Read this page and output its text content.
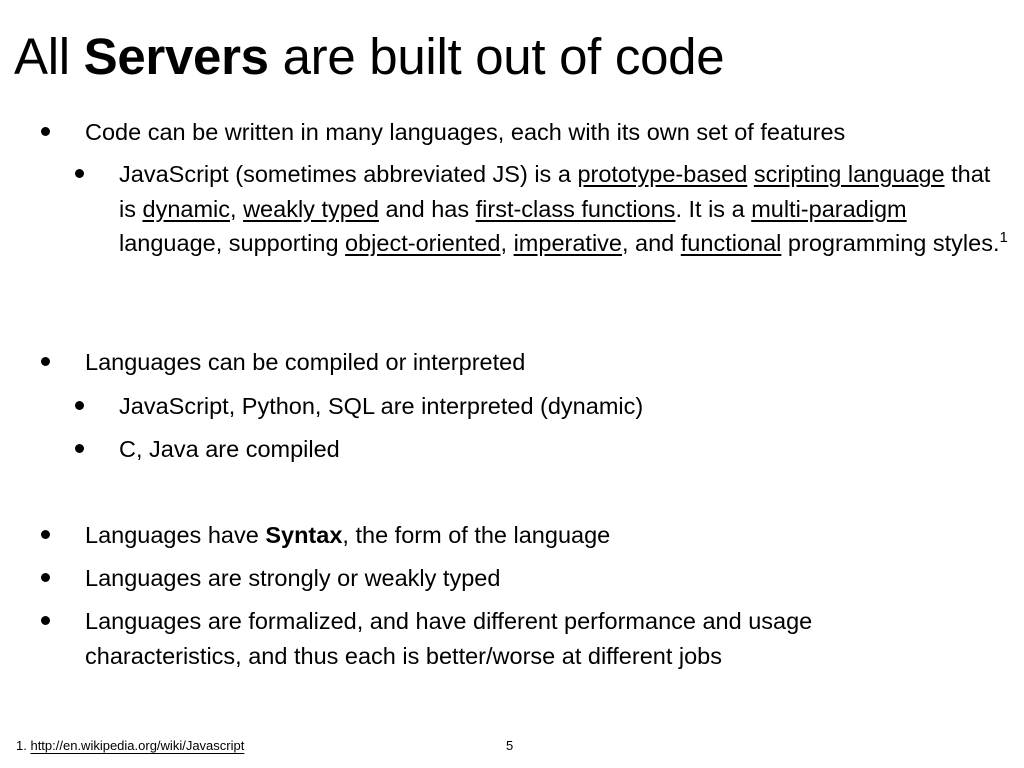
All Servers are built out of code
Code can be written in many languages, each with its own set of features
JavaScript (sometimes abbreviated JS) is a prototype-based scripting language that is dynamic, weakly typed and has first-class functions. It is a multi-paradigm language, supporting object-oriented, imperative, and functional programming styles.$^1$
Languages can be compiled or interpreted
JavaScript, Python, SQL are interpreted (dynamic)
C, Java are compiled
Languages have Syntax, the form of the language
Languages are strongly or weakly typed
Languages are formalized, and have different performance and usage characteristics, and thus each is better/worse at different jobs
1. http://en.wikipedia.org/wiki/Javascript	5
